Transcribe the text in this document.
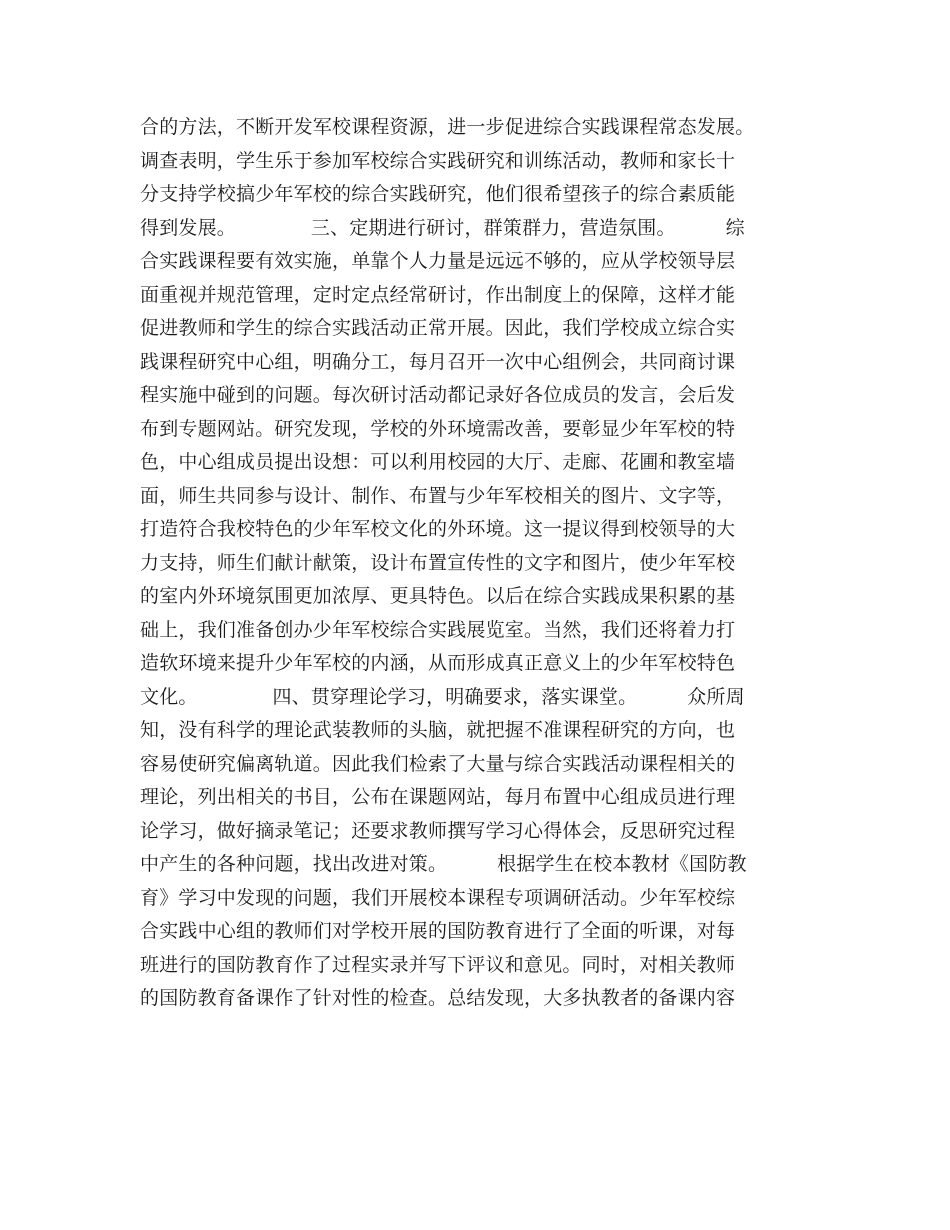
合的方法，不断开发军校课程资源，进一步促进综合实践课程常态发展。
调查表明，学生乐于参加军校综合实践研究和训练活动，教师和家长十
分支持学校搞少年军校的综合实践研究，他们很希望孩子的综合素质能
得到发展。            三、定期进行研讨，群策群力，营造氛围。        综
合实践课程要有效实施，单靠个人力量是远远不够的，应从学校领导层
面重视并规范管理，定时定点经常研讨，作出制度上的保障，这样才能
促进教师和学生的综合实践活动正常开展。因此，我们学校成立综合实
践课程研究中心组，明确分工，每月召开一次中心组例会，共同商讨课
程实施中碰到的问题。每次研讨活动都记录好各位成员的发言，会后发
布到专题网站。研究发现，学校的外环境需改善，要彰显少年军校的特
色，中心组成员提出设想：可以利用校园的大厅、走廊、花圃和教室墙
面，师生共同参与设计、制作、布置与少年军校相关的图片、文字等，
打造符合我校特色的少年军校文化的外环境。这一提议得到校领导的大
力支持，师生们献计献策，设计布置宣传性的文字和图片，使少年军校
的室内外环境氛围更加浓厚、更具特色。以后在综合实践成果积累的基
础上，我们准备创办少年军校综合实践展览室。当然，我们还将着力打
造软环境来提升少年军校的内涵，从而形成真正意义上的少年军校特色
文化。            四、贯穿理论学习，明确要求，落实课堂。        众所周
知，没有科学的理论武装教师的头脑，就把握不准课程研究的方向，也
容易使研究偏离轨道。因此我们检索了大量与综合实践活动课程相关的
理论，列出相关的书目，公布在课题网站，每月布置中心组成员进行理
论学习，做好摘录笔记；还要求教师撰写学习心得体会，反思研究过程
中产生的各种问题，找出改进对策。        根据学生在校本教材《国防教
育》学习中发现的问题，我们开展校本课程专项调研活动。少年军校综
合实践中心组的教师们对学校开展的国防教育进行了全面的听课，对每
班进行的国防教育作了过程实录并写下评议和意见。同时，对相关教师
的国防教育备课作了针对性的检查。总结发现，大多执教者的备课内容
